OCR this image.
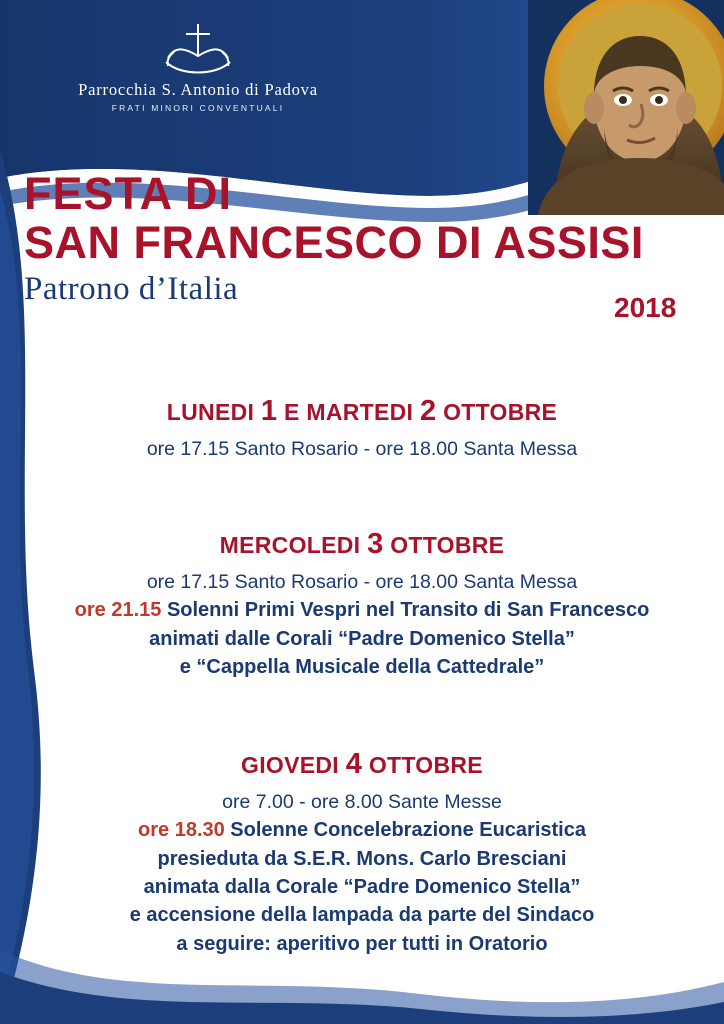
Parrocchia S. Antonio di Padova
FRATI MINORI CONVENTUALI
FESTA DI
SAN FRANCESCO DI ASSISI
Patrono d’Italia
2018
LUNEDI 1 E MARTEDI 2 OTTOBRE
ore 17.15 Santo Rosario - ore 18.00 Santa Messa
MERCOLEDI 3 OTTOBRE
ore 17.15 Santo Rosario - ore 18.00 Santa Messa
ore 21.15 Solenni Primi Vespri nel Transito di San Francesco
animati dalle Corali “Padre Domenico Stella”
e “Cappella Musicale della Cattedrale”
GIOVEDI 4 OTTOBRE
ore 7.00 - ore 8.00 Sante Messe
ore 18.30 Solenne Concelebrazione Eucaristica
presieduta da S.E.R. Mons. Carlo Bresciani
animata dalla Corale “Padre Domenico Stella”
e accensione della lampada da parte del Sindaco
a seguire: aperitivo per tutti in Oratorio
